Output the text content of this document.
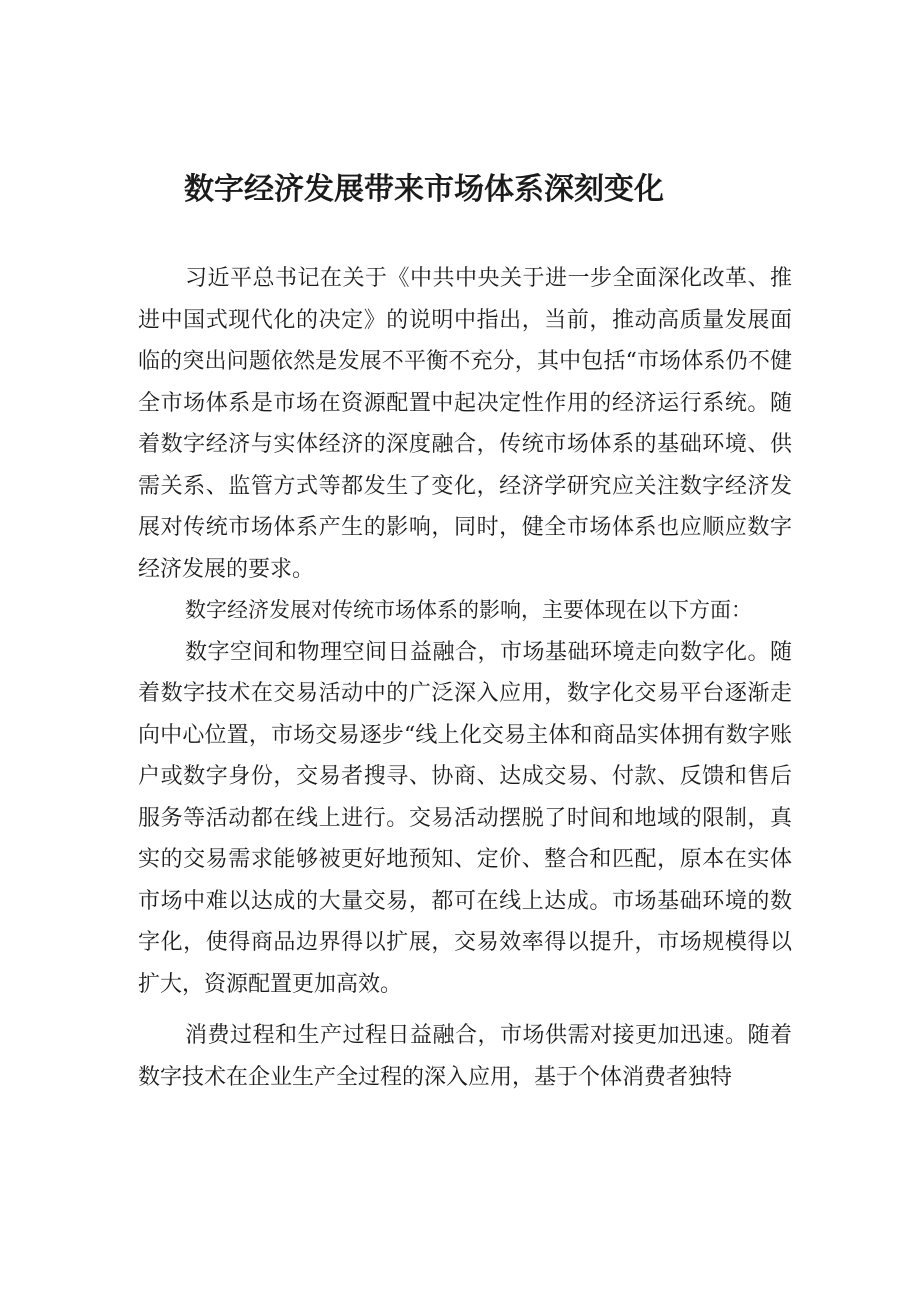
数字经济发展带来市场体系深刻变化

习近平总书记在关于《中共中央关于进一步全面深化改革、推进中国式现代化的决定》的说明中指出，当前，推动高质量发展面临的突出问题依然是发展不平衡不充分，其中包括“市场体系仍不健全市场体系是市场在资源配置中起决定性作用的经济运行系统。随着数字经济与实体经济的深度融合，传统市场体系的基础环境、供需关系、监管方式等都发生了变化，经济学研究应关注数字经济发展对传统市场体系产生的影响，同时，健全市场体系也应顺应数字经济发展的要求。

数字经济发展对传统市场体系的影响，主要体现在以下方面：

数字空间和物理空间日益融合，市场基础环境走向数字化。随着数字技术在交易活动中的广泛深入应用，数字化交易平台逐渐走向中心位置，市场交易逐步“线上化交易主体和商品实体拥有数字账户或数字身份，交易者搜寻、协商、达成交易、付款、反馈和售后服务等活动都在线上进行。交易活动摆脱了时间和地域的限制，真实的交易需求能够被更好地预知、定价、整合和匹配，原本在实体市场中难以达成的大量交易，都可在线上达成。市场基础环境的数字化，使得商品边界得以扩展，交易效率得以提升，市场规模得以扩大，资源配置更加高效。

消费过程和生产过程日益融合，市场供需对接更加迅速。随着数字技术在企业生产全过程的深入应用，基于个体消费者独特
